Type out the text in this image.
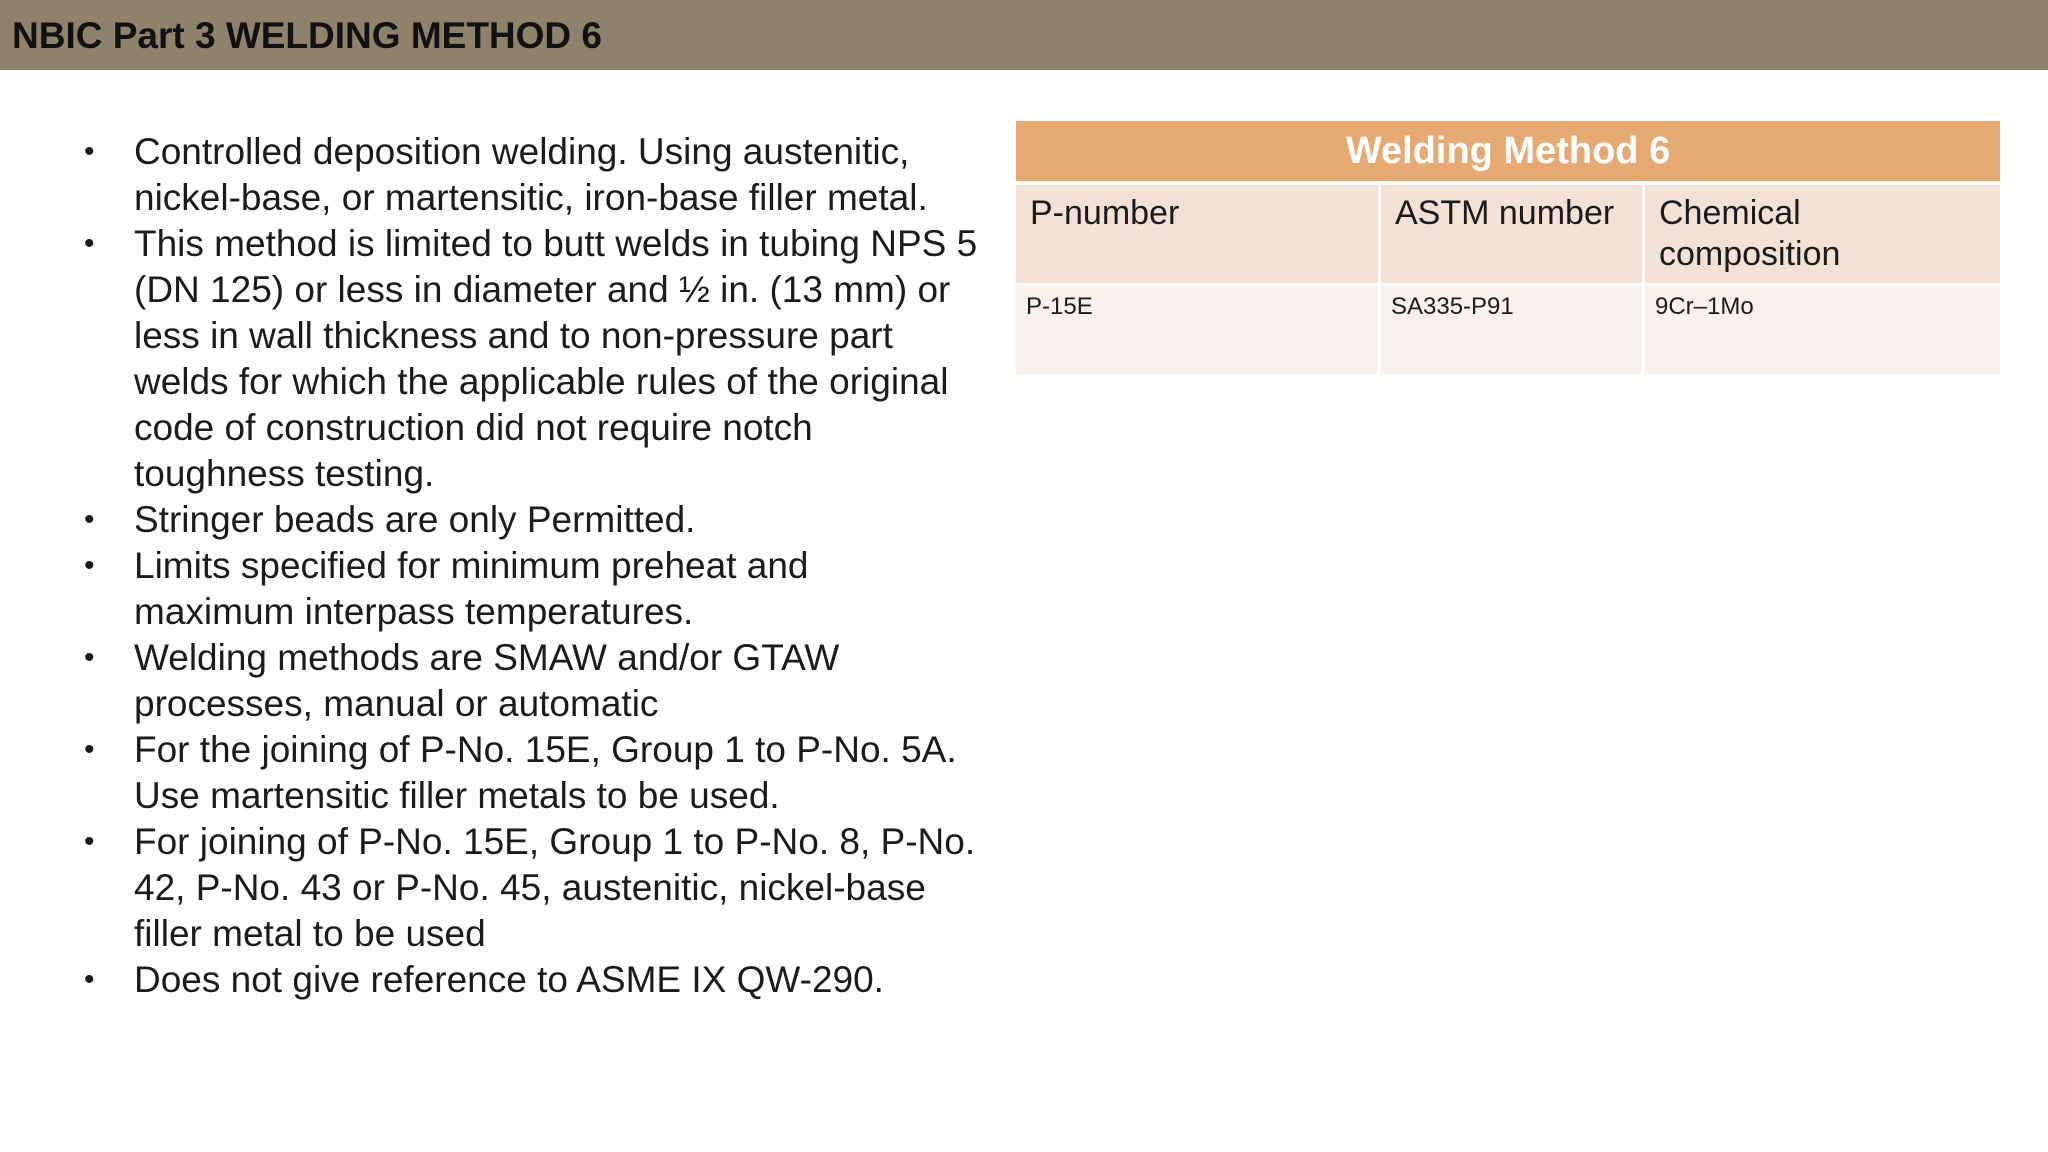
NBIC Part 3 WELDING METHOD 6
• Controlled deposition welding. Using austenitic, nickel-base, or martensitic, iron-base filler metal.
• This method is limited to butt welds in tubing NPS 5 (DN 125) or less in diameter and ½ in. (13 mm) or less in wall thickness and to non-pressure part welds for which the applicable rules of the original code of construction did not require notch toughness testing.
• Stringer beads are only Permitted.
• Limits specified for minimum preheat and maximum interpass temperatures.
• Welding methods are SMAW and/or GTAW processes, manual or automatic
• For the joining of P-No. 15E, Group 1 to P-No. 5A. Use martensitic filler metals to be used.
• For joining of P-No. 15E, Group 1 to P-No. 8, P-No. 42, P-No. 43 or P-No. 45, austenitic, nickel-base filler metal to be used
• Does not give reference to ASME IX QW-290.
Welding Method 6		
P-number	ASTM number	Chemical composition
P-15E	SA335-P91	9Cr–1Mo
